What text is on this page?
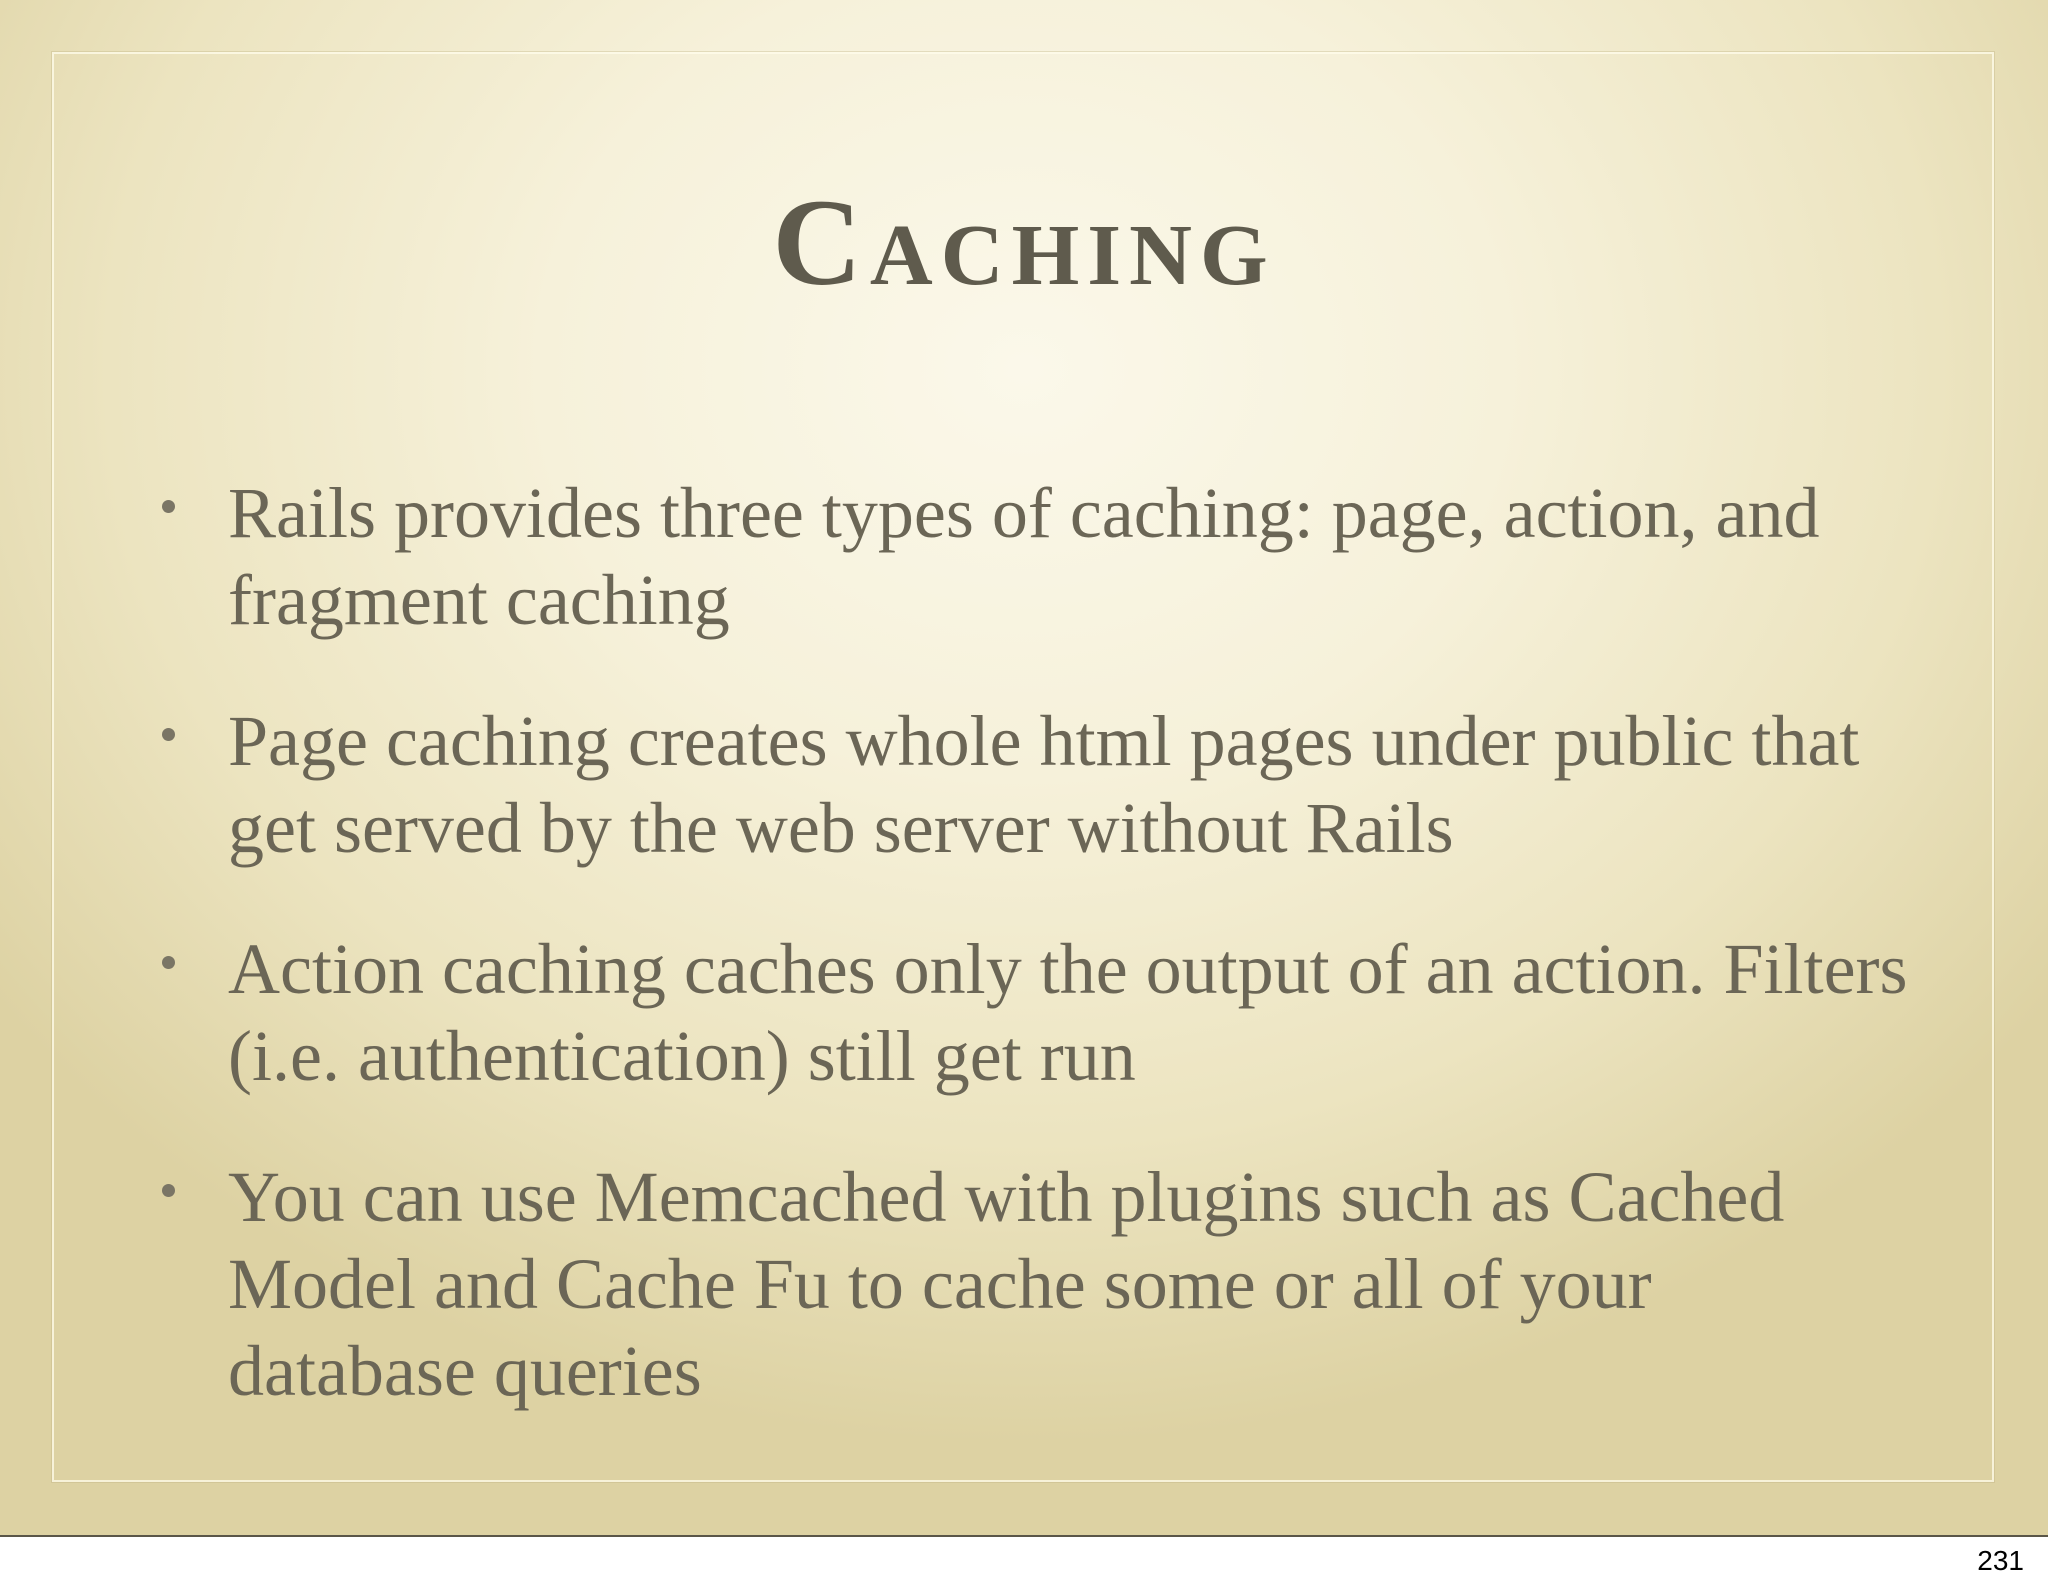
Caching
Rails provides three types of caching: page, action, and fragment caching
Page caching creates whole html pages under public that get served by the web server without Rails
Action caching caches only the output of an action. Filters (i.e. authentication) still get run
You can use Memcached with plugins such as Cached Model and Cache Fu to cache some or all of your database queries
231
